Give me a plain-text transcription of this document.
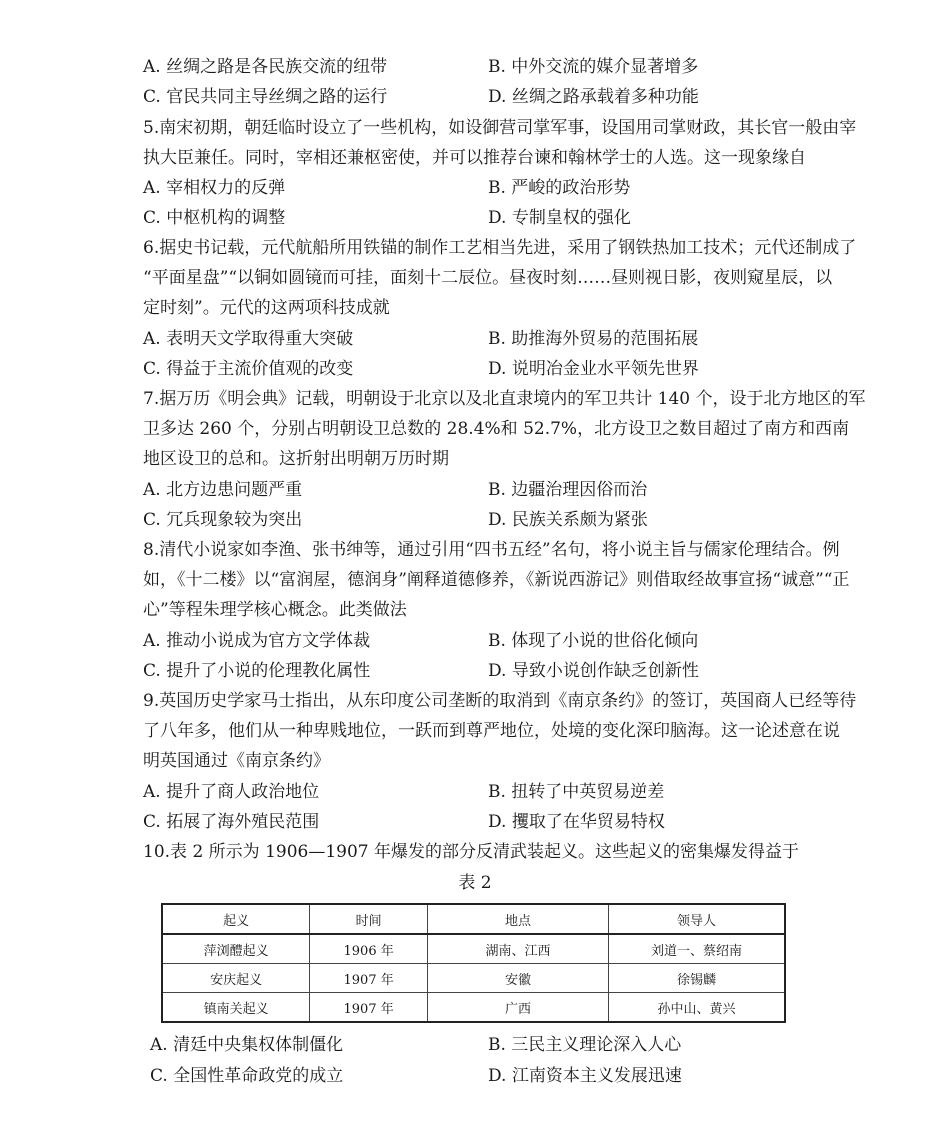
A. 丝绸之路是各民族交流的纽带	B. 中外交流的媒介显著增多
C. 官民共同主导丝绸之路的运行	D. 丝绸之路承载着多种功能
5.南宋初期，朝廷临时设立了一些机构，如设御营司掌军事，设国用司掌财政，其长官一般由宰
执大臣兼任。同时，宰相还兼枢密使，并可以推荐台谏和翰林学士的人选。这一现象缘自
A. 宰相权力的反弹	B. 严峻的政治形势
C. 中枢机构的调整	D. 专制皇权的强化
6.据史书记载，元代航船所用铁锚的制作工艺相当先进，采用了钢铁热加工技术；元代还制成了
“平面星盘”“以铜如圆镜而可挂，面刻十二辰位。昼夜时刻……昼则视日影，夜则窥星辰，以
定时刻”。元代的这两项科技成就
A. 表明天文学取得重大突破	B. 助推海外贸易的范围拓展
C. 得益于主流价值观的改变	D. 说明冶金业水平领先世界
7.据万历《明会典》记载，明朝设于北京以及北直隶境内的军卫共计 140 个，设于北方地区的军
卫多达 260 个，分别占明朝设卫总数的 28.4%和 52.7%，北方设卫之数目超过了南方和西南
地区设卫的总和。这折射出明朝万历时期
A. 北方边患问题严重	B. 边疆治理因俗而治
C. 冗兵现象较为突出	D. 民族关系颇为紧张
8.清代小说家如李渔、张书绅等，通过引用“四书五经”名句，将小说主旨与儒家伦理结合。例
如，《十二楼》以“富润屋，德润身”阐释道德修养，《新说西游记》则借取经故事宣扬“诚意”“正
心”等程朱理学核心概念。此类做法
A. 推动小说成为官方文学体裁	B. 体现了小说的世俗化倾向
C. 提升了小说的伦理教化属性	D. 导致小说创作缺乏创新性
9.英国历史学家马士指出，从东印度公司垄断的取消到《南京条约》的签订，英国商人已经等待
了八年多，他们从一种卑贱地位，一跃而到尊严地位，处境的变化深印脑海。这一论述意在说
明英国通过《南京条约》
A. 提升了商人政治地位	B. 扭转了中英贸易逆差
C. 拓展了海外殖民范围	D. 攫取了在华贸易特权
10.表 2 所示为 1906—1907 年爆发的部分反清武装起义。这些起义的密集爆发得益于
表 2
起义	时间	地点	领导人
萍浏醴起义	1906 年	湖南、江西	刘道一、蔡绍南
安庆起义	1907 年	安徽	徐锡麟
镇南关起义	1907 年	广西	孙中山、黄兴
A. 清廷中央集权体制僵化	B. 三民主义理论深入人心
C. 全国性革命政党的成立	D. 江南资本主义发展迅速
